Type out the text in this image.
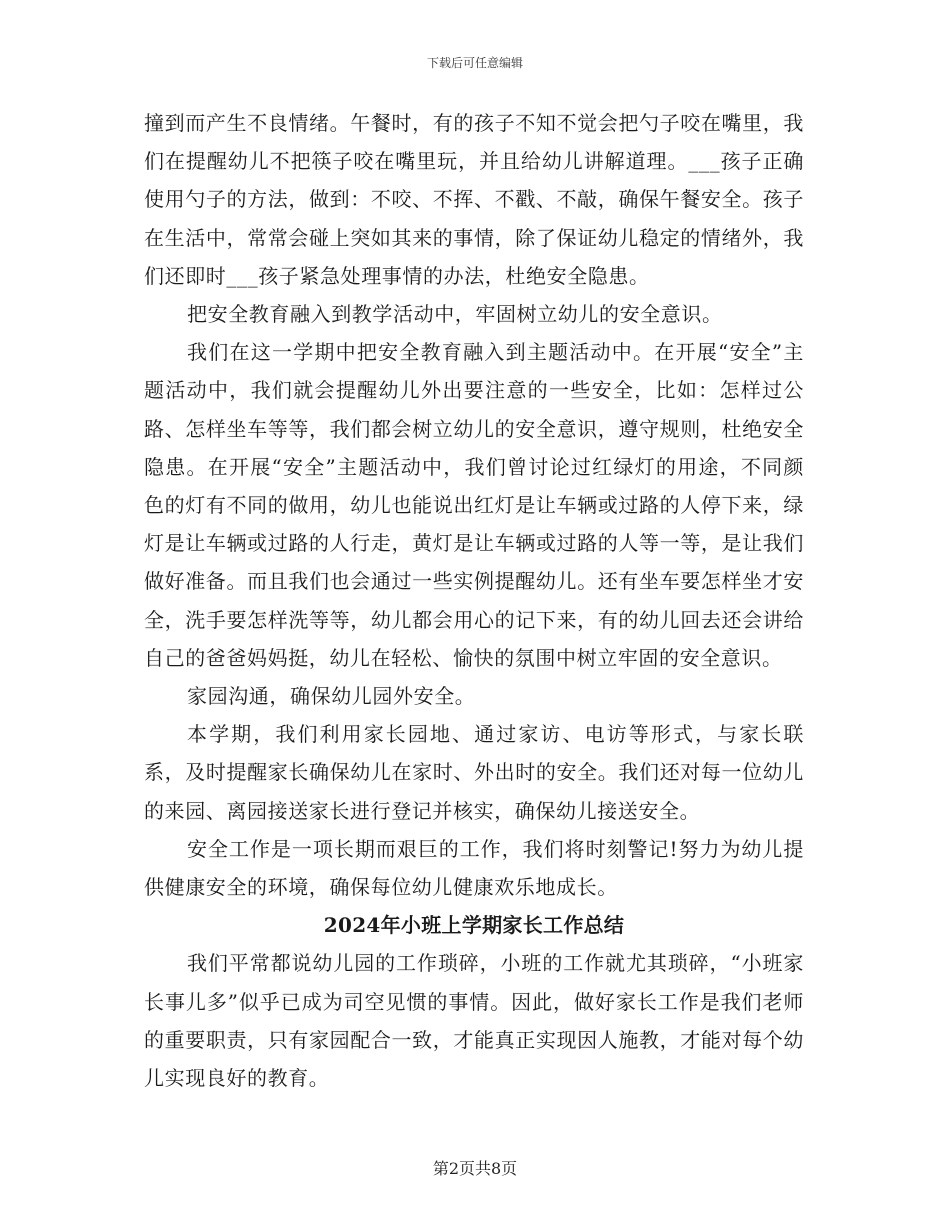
下载后可任意编辑

撞到而产生不良情绪。午餐时，有的孩子不知不觉会把勺子咬在嘴里，我们在提醒幼儿不把筷子咬在嘴里玩，并且给幼儿讲解道理。___孩子正确使用勺子的方法，做到：不咬、不挥、不戳、不敲，确保午餐安全。孩子在生活中，常常会碰上突如其来的事情，除了保证幼儿稳定的情绪外，我们还即时___孩子紧急处理事情的办法，杜绝安全隐患。

把安全教育融入到教学活动中，牢固树立幼儿的安全意识。

我们在这一学期中把安全教育融入到主题活动中。在开展“安全”主题活动中，我们就会提醒幼儿外出要注意的一些安全，比如：怎样过公路、怎样坐车等等，我们都会树立幼儿的安全意识，遵守规则，杜绝安全隐患。在开展“安全”主题活动中，我们曾讨论过红绿灯的用途，不同颜色的灯有不同的做用，幼儿也能说出红灯是让车辆或过路的人停下来，绿灯是让车辆或过路的人行走，黄灯是让车辆或过路的人等一等，是让我们做好准备。而且我们也会通过一些实例提醒幼儿。还有坐车要怎样坐才安全，洗手要怎样洗等等，幼儿都会用心的记下来，有的幼儿回去还会讲给自己的爸爸妈妈挺，幼儿在轻松、愉快的氛围中树立牢固的安全意识。

家园沟通，确保幼儿园外安全。

本学期，我们利用家长园地、通过家访、电访等形式，与家长联系，及时提醒家长确保幼儿在家时、外出时的安全。我们还对每一位幼儿的来园、离园接送家长进行登记并核实，确保幼儿接送安全。

安全工作是一项长期而艰巨的工作，我们将时刻警记!努力为幼儿提供健康安全的环境，确保每位幼儿健康欢乐地成长。

2024年小班上学期家长工作总结

我们平常都说幼儿园的工作琐碎，小班的工作就尤其琐碎，“小班家长事儿多”似乎已成为司空见惯的事情。因此，做好家长工作是我们老师的重要职责，只有家园配合一致，才能真正实现因人施教，才能对每个幼儿实现良好的教育。

第2页共8页
